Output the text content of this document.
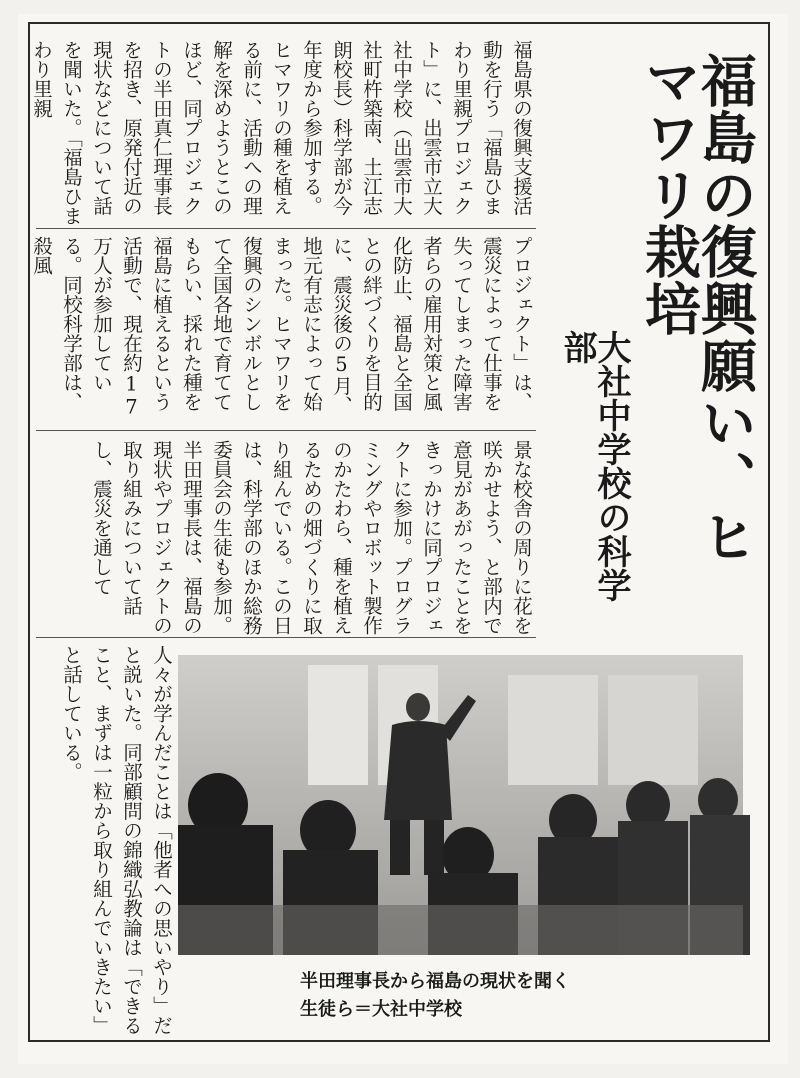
福島の復興願い、ヒマワリ栽培
大社中学校の科学部

福島県の復興支援活動を行う「福島ひまわり里親プロジェクト」に、出雲市立大社中学校（出雲市大社町杵築南、土江志朗校長）科学部が今年度から参加する。ヒマワリの種を植える前に、活動への理解を深めようとこのほど、同プロジェクトの半田真仁理事長を招き、原発付近の現状などについて話を聞いた。「福島ひまわり里親

プロジェクト」は、震災によって仕事を失ってしまった障害者らの雇用対策と風化防止、福島と全国との絆づくりを目的に、震災後の5月、地元有志によって始まった。ヒマワリを復興のシンボルとして全国各地で育ててもらい、採れた種を福島に植えるという活動で、現在約17万人が参加している。同校科学部は、殺風

景な校舎の周りに花を咲かせよう、と部内で意見があがったことをきっかけに同プロジェクトに参加。プログラミングやロボット製作のかたわら、種を植えるための畑づくりに取り組んでいる。この日は、科学部のほか総務委員会の生徒も参加。半田理事長は、福島の現状やプロジェクトの取り組みについて話し、震災を通して

人々が学んだことは「他者への思いやり」だと説いた。同部顧問の錦織弘教論は「できること、まずは一粒から取り組んでいきたい」と話している。

半田理事長から福島の現状を聞く
生徒ら＝大社中学校
